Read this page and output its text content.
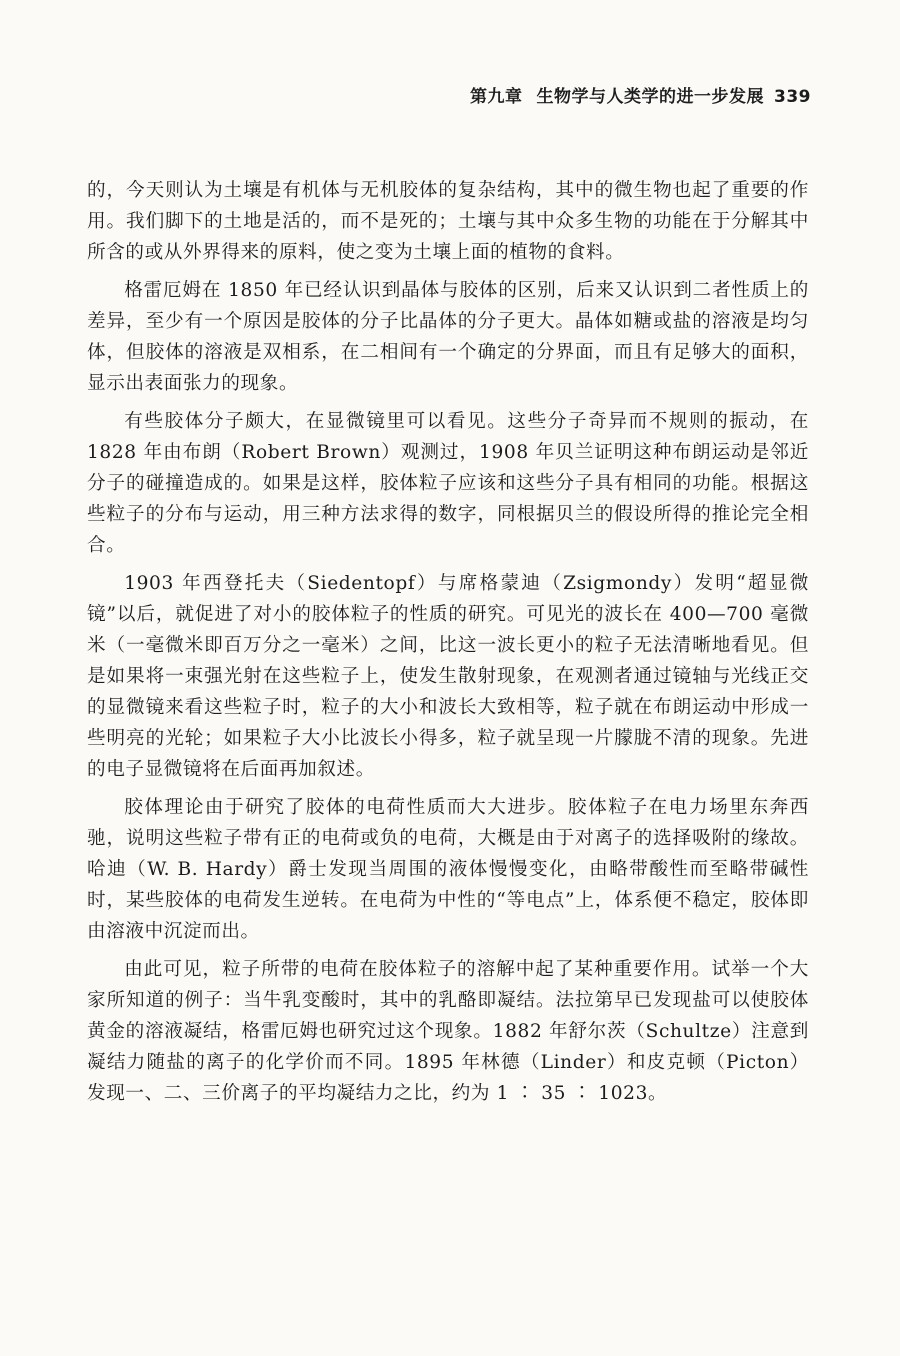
第九章 生物学与人类学的进一步发展 339

的，今天则认为土壤是有机体与无机胶体的复杂结构，其中的微生物也起了重要的作用。我们脚下的土地是活的，而不是死的；土壤与其中众多生物的功能在于分解其中所含的或从外界得来的原料，使之变为土壤上面的植物的食料。

格雷厄姆在 1850 年已经认识到晶体与胶体的区别，后来又认识到二者性质上的差异，至少有一个原因是胶体的分子比晶体的分子更大。晶体如糖或盐的溶液是均匀体，但胶体的溶液是双相系，在二相间有一个确定的分界面，而且有足够大的面积，显示出表面张力的现象。

有些胶体分子颇大，在显微镜里可以看见。这些分子奇异而不规则的振动，在 1828 年由布朗（Robert Brown）观测过，1908 年贝兰证明这种布朗运动是邻近分子的碰撞造成的。如果是这样，胶体粒子应该和这些分子具有相同的功能。根据这些粒子的分布与运动，用三种方法求得的数字，同根据贝兰的假设所得的推论完全相合。

1903 年西登托夫（Siedentopf）与席格蒙迪（Zsigmondy）发明“超显微镜”以后，就促进了对小的胶体粒子的性质的研究。可见光的波长在 400—700 毫微米（一毫微米即百万分之一毫米）之间，比这一波长更小的粒子无法清晰地看见。但是如果将一束强光射在这些粒子上，使发生散射现象，在观测者通过镜轴与光线正交的显微镜来看这些粒子时，粒子的大小和波长大致相等，粒子就在布朗运动中形成一些明亮的光轮；如果粒子大小比波长小得多，粒子就呈现一片朦胧不清的现象。先进的电子显微镜将在后面再加叙述。

胶体理论由于研究了胶体的电荷性质而大大进步。胶体粒子在电力场里东奔西驰，说明这些粒子带有正的电荷或负的电荷，大概是由于对离子的选择吸附的缘故。哈迪（W. B. Hardy）爵士发现当周围的液体慢慢变化，由略带酸性而至略带碱性时，某些胶体的电荷发生逆转。在电荷为中性的“等电点”上，体系便不稳定，胶体即由溶液中沉淀而出。

由此可见，粒子所带的电荷在胶体粒子的溶解中起了某种重要作用。试举一个大家所知道的例子：当牛乳变酸时，其中的乳酪即凝结。法拉第早已发现盐可以使胶体黄金的溶液凝结，格雷厄姆也研究过这个现象。1882 年舒尔茨（Schultze）注意到凝结力随盐的离子的化学价而不同。1895 年林德（Linder）和皮克顿（Picton）发现一、二、三价离子的平均凝结力之比，约为 1 ∶ 35 ∶ 1023。
